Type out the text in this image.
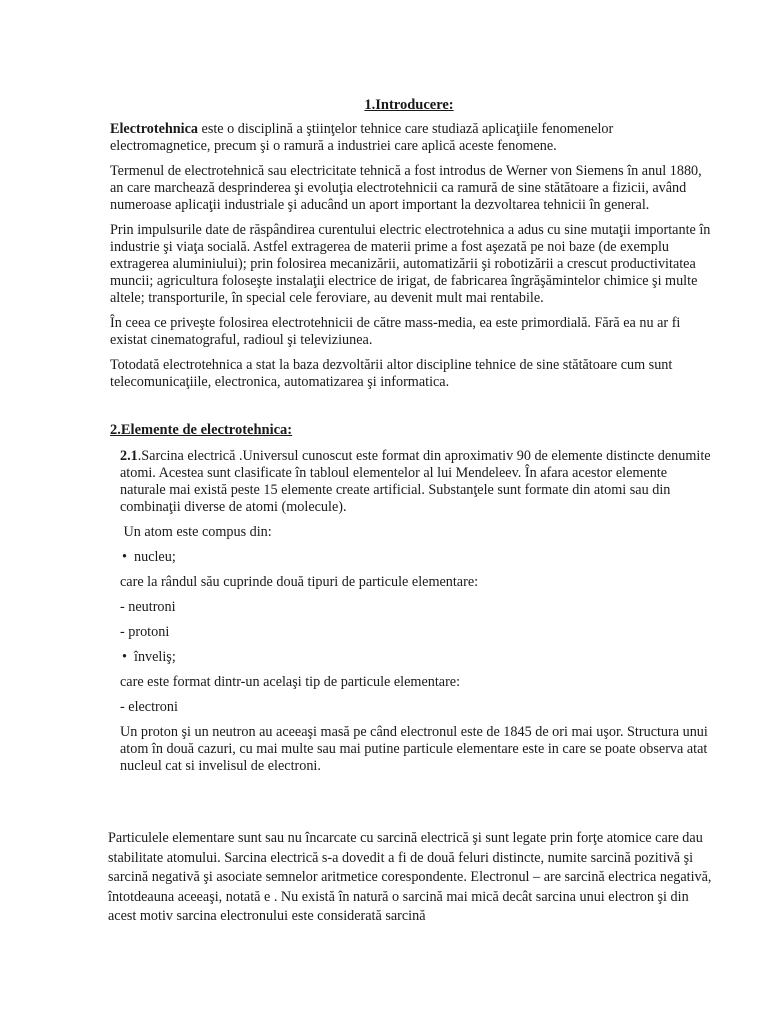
1.Introducere:

Electrotehnica este o disciplină a ştiinţelor tehnice care studiază aplicaţiile fenomenelor electromagnetice, precum şi o ramură a industriei care aplică aceste fenomene.

Termenul de electrotehnică sau electricitate tehnică a fost introdus de Werner von Siemens în anul 1880, an care marchează desprinderea şi evoluţia electrotehnicii ca ramură de sine stătătoare a fizicii, având numeroase aplicaţii industriale şi aducând un aport important la dezvoltarea tehnicii în general.

Prin impulsurile date de răspândirea curentului electric electrotehnica a adus cu sine mutaţii importante în industrie şi viaţa socială. Astfel extragerea de materii prime a fost aşezată pe noi baze (de exemplu extragerea aluminiului); prin folosirea mecanizării, automatizării şi robotizării a crescut productivitatea muncii; agricultura foloseşte instalaţii electrice de irigat, de fabricarea îngrăşămintelor chimice şi multe altele; transporturile, în special cele feroviare, au devenit mult mai rentabile.

În ceea ce priveşte folosirea electrotehnicii de către mass-media, ea este primordială. Fără ea nu ar fi existat cinematograful, radioul şi televiziunea.

Totodată electrotehnica a stat la baza dezvoltării altor discipline tehnice de sine stătătoare cum sunt telecomunicaţiile, electronica, automatizarea şi informatica.

2.Elemente de electrotehnica:

2.1.Sarcina electrică .Universul cunoscut este format din aproximativ 90 de elemente distincte denumite atomi. Acestea sunt clasificate în tabloul elementelor al lui Mendeleev. În afara acestor elemente naturale mai există peste 15 elemente create artificial. Substanţele sunt formate din atomi sau din combinaţii diverse de atomi (molecule).

Un atom este compus din:

• nucleu;

care la rândul său cuprinde două tipuri de particule elementare:

- neutroni

- protoni

• înveliş;

care este format dintr-un acelaşi tip de particule elementare:

- electroni

Un proton şi un neutron au aceeaşi masă pe când electronul este de 1845 de ori mai uşor. Structura unui atom în două cazuri, cu mai multe sau mai putine particule elementare este in care se poate observa atat nucleul cat si invelisul de electroni.

Particulele elementare sunt sau nu încarcate cu sarcină electrică şi sunt legate prin forţe atomice care dau stabilitate atomului. Sarcina electrică s-a dovedit a fi de două feluri distincte, numite sarcină pozitivă şi sarcină negativă şi asociate semnelor aritmetice corespondente. Electronul – are sarcină electrica negativă, întotdeauna aceeaşi, notată e . Nu există în natură o sarcină mai mică decât sarcina unui electron şi din acest motiv sarcina electronului este considerată sarcină
